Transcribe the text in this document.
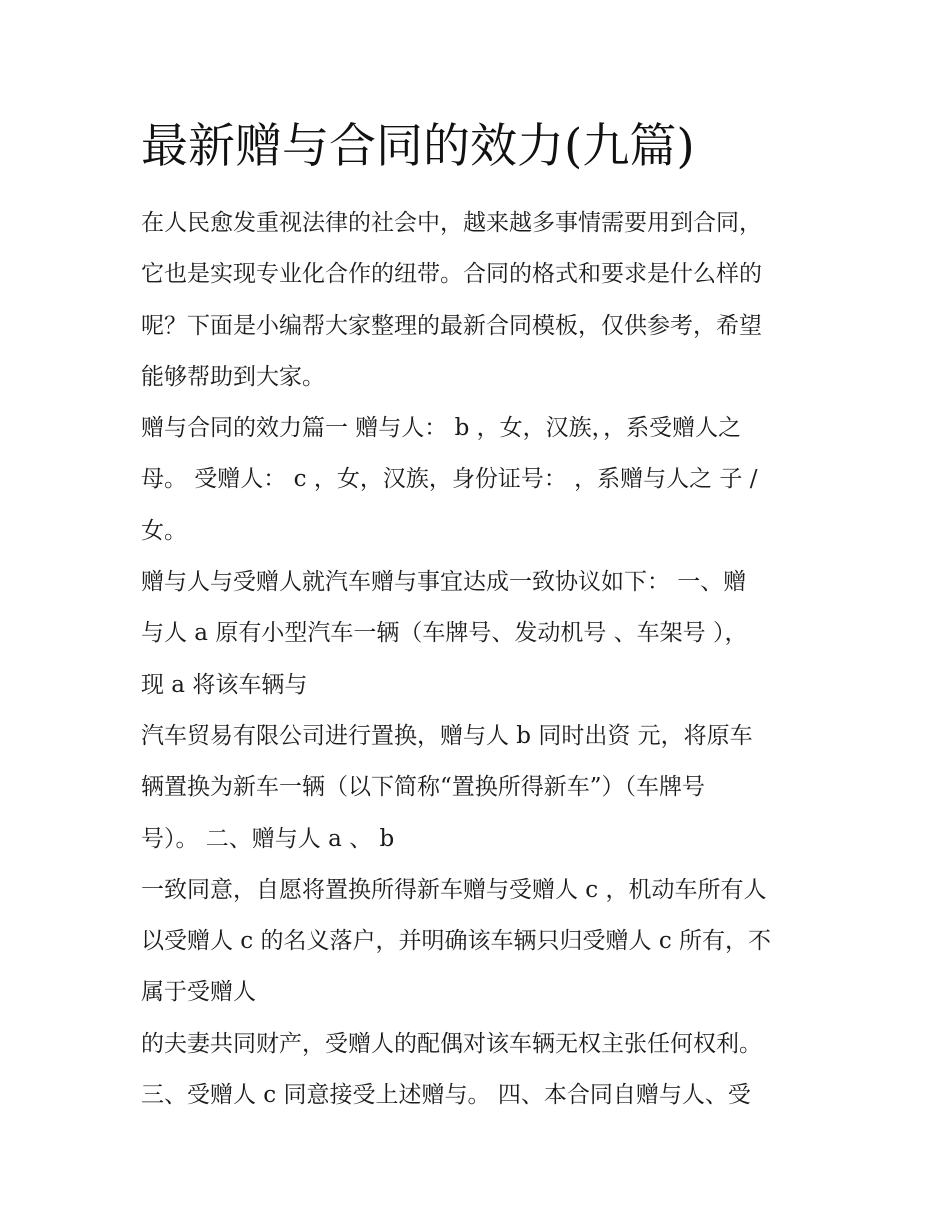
最新赠与合同的效力(九篇)
在人民愈发重视法律的社会中，越来越多事情需要用到合同，
它也是实现专业化合作的纽带。合同的格式和要求是什么样的
呢？下面是小编帮大家整理的最新合同模板，仅供参考，希望
能够帮助到大家。
赠与合同的效力篇一 赠与人： b ，女，汉族，，系受赠人之
母。 受赠人： c ，女，汉族，身份证号： ，系赠与人之 子 /
女。
赠与人与受赠人就汽车赠与事宜达成一致协议如下： 一、赠
与人 a 原有小型汽车一辆（车牌号、发动机号 、车架号 ），
现 a 将该车辆与
汽车贸易有限公司进行置换，赠与人 b 同时出资 元，将原车
辆置换为新车一辆（以下简称“置换所得新车”）（车牌号
号）。 二、赠与人 a 、 b
一致同意，自愿将置换所得新车赠与受赠人 c ，机动车所有人
以受赠人 c 的名义落户，并明确该车辆只归受赠人 c 所有，不
属于受赠人
的夫妻共同财产，受赠人的配偶对该车辆无权主张任何权利。
三、受赠人 c 同意接受上述赠与。 四、本合同自赠与人、受
